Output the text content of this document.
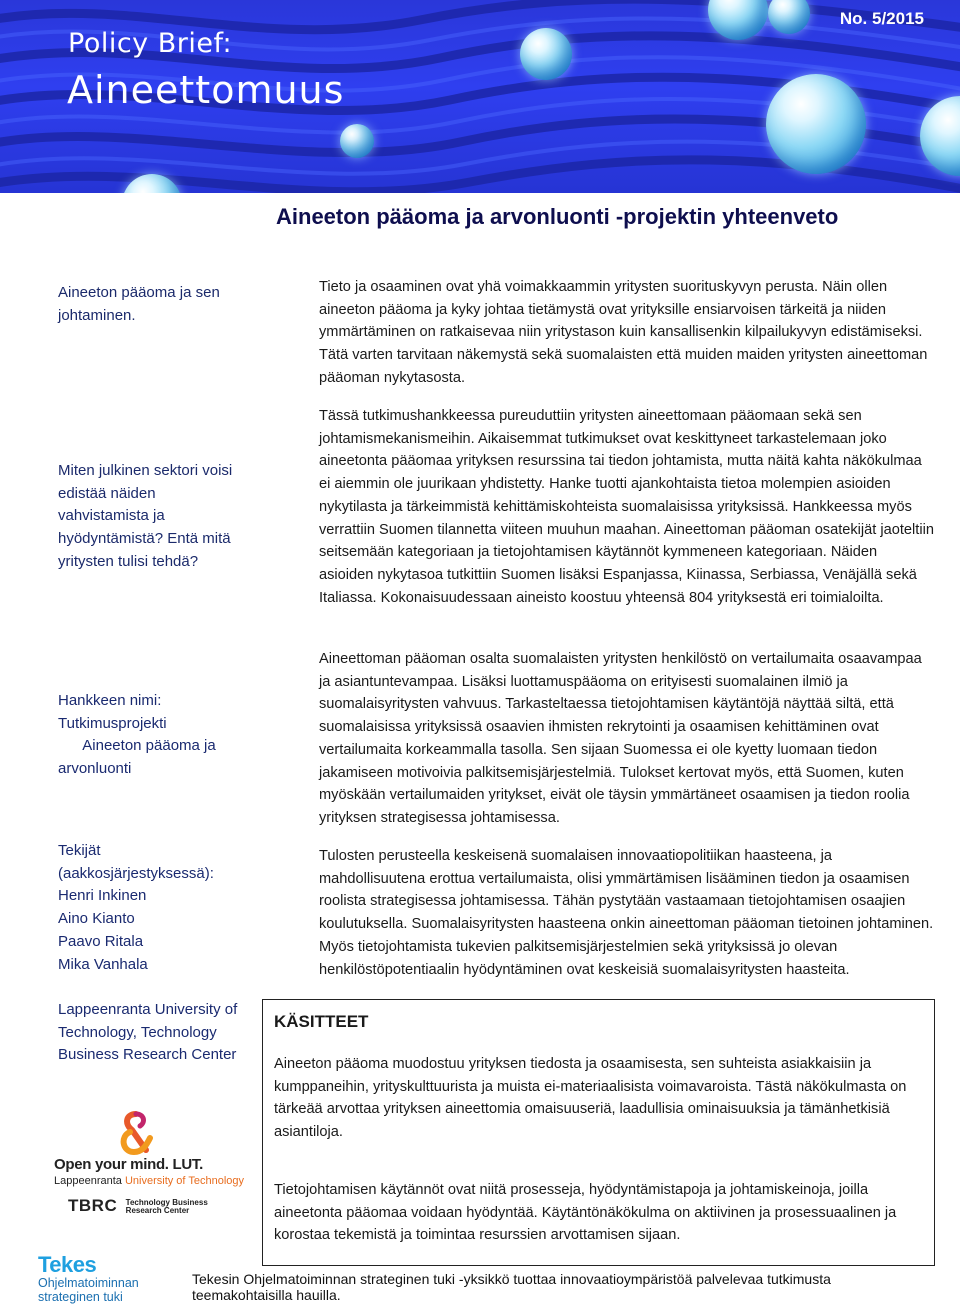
Policy Brief:
Aineettomuus
No. 5/2015
Aineeton pääoma ja arvonluonti -projektin yhteenveto
Aineeton pääoma ja sen johtaminen.
Miten julkinen sektori voisi edistää näiden vahvistamista ja hyödyntämistä? Entä mitä yritysten tulisi tehdä?
Hankkeen nimi:
Tutkimusprojekti
Aineeton pääoma ja
arvonluonti
Tekijät (aakkosjärjestyksessä):
Henri Inkinen
Aino Kianto
Paavo Ritala
Mika Vanhala
Lappeenranta University of Technology, Technology Business Research Center
Open your mind. LUT.
Lappeenranta University of Technology
TBRC Technology Business
Research Center
Tekes
Ohjelmatoiminnan
strateginen tuki

Tieto ja osaaminen ovat yhä voimakkaammin yritysten suorituskyvyn perusta. Näin ollen aineeton pääoma ja kyky johtaa tietämystä ovat yrityksille ensiarvoisen tärkeitä ja niiden ymmärtäminen on ratkaisevaa niin yritystason kuin kansallisenkin kilpailukyvyn edistämiseksi. Tätä varten tarvitaan näkemystä sekä suomalaisten että muiden maiden yritysten aineettoman pääoman nykytasosta.

Tässä tutkimushankkeessa pureuduttiin yritysten aineettomaan pääomaan sekä sen johtamismekanismeihin. Aikaisemmat tutkimukset ovat keskittyneet tarkastelemaan joko aineetonta pääomaa yrityksen resurssina tai tiedon johtamista, mutta näitä kahta näkökulmaa ei aiemmin ole juurikaan yhdistetty. Hanke tuotti ajankohtaista tietoa molempien asioiden nykytilasta ja tärkeimmistä kehittämiskohteista suomalaisissa yrityksissä. Hankkeessa myös verrattiin Suomen tilannetta viiteen muuhun maahan. Aineettoman pääoman osatekijät jaoteltiin seitsemään kategoriaan ja tietojohtamisen käytännöt kymmeneen kategoriaan. Näiden asioiden nykytasoa tutkittiin Suomen lisäksi Espanjassa, Kiinassa, Serbiassa, Venäjällä sekä Italiassa. Kokonaisuudessaan aineisto koostuu yhteensä 804 yrityksestä eri toimialoilta.

Aineettoman pääoman osalta suomalaisten yritysten henkilöstö on vertailumaita osaavampaa ja asiantuntevampaa. Lisäksi luottamuspääoma on erityisesti suomalainen ilmiö ja suomalaisyritysten vahvuus. Tarkasteltaessa tietojohtamisen käytäntöjä näyttää siltä, että suomalaisissa yrityksissä osaavien ihmisten rekrytointi ja osaamisen kehittäminen ovat vertailumaita korkeammalla tasolla. Sen sijaan Suomessa ei ole kyetty luomaan tiedon jakamiseen motivoivia palkitsemisjärjestelmiä. Tulokset kertovat myös, että Suomen, kuten myöskään vertailumaiden yritykset, eivät ole täysin ymmärtäneet osaamisen ja tiedon roolia yrityksen strategisessa johtamisessa.

Tulosten perusteella keskeisenä suomalaisen innovaatiopolitiikan haasteena, ja mahdollisuutena erottua vertailumaista, olisi ymmärtämisen lisääminen tiedon ja osaamisen roolista strategisessa johtamisessa. Tähän pystytään vastaamaan tietojohtamisen osaajien koulutuksella. Suomalaisyritysten haasteena onkin aineettoman pääoman tietoinen johtaminen. Myös tietojohtamista tukevien palkitsemisjärjestelmien sekä yrityksissä jo olevan henkilöstöpotentiaalin hyödyntäminen ovat keskeisiä suomalaisyritysten haasteita.

KÄSITTEET

Aineeton pääoma muodostuu yrityksen tiedosta ja osaamisesta, sen suhteista asiakkaisiin ja kumppaneihin, yrityskulttuurista ja muista ei-materiaalisista voimavaroista. Tästä näkökulmasta on tärkeää arvottaa yrityksen aineettomia omaisuuseriä, laadullisia ominaisuuksia ja tämänhetkisiä asiantiloja.

Tietojohtamisen käytännöt ovat niitä prosesseja, hyödyntämistapoja ja johtamiskeinoja, joilla aineetonta pääomaa voidaan hyödyntää. Käytäntönäkökulma on aktiivinen ja prosessuaalinen ja korostaa tekemistä ja toimintaa resurssien arvottamisen sijaan.

Tekesin Ohjelmatoiminnan strateginen tuki -yksikkö tuottaa innovaatioympäristöä palvelevaa tutkimusta teemakohtaisilla hauilla.
